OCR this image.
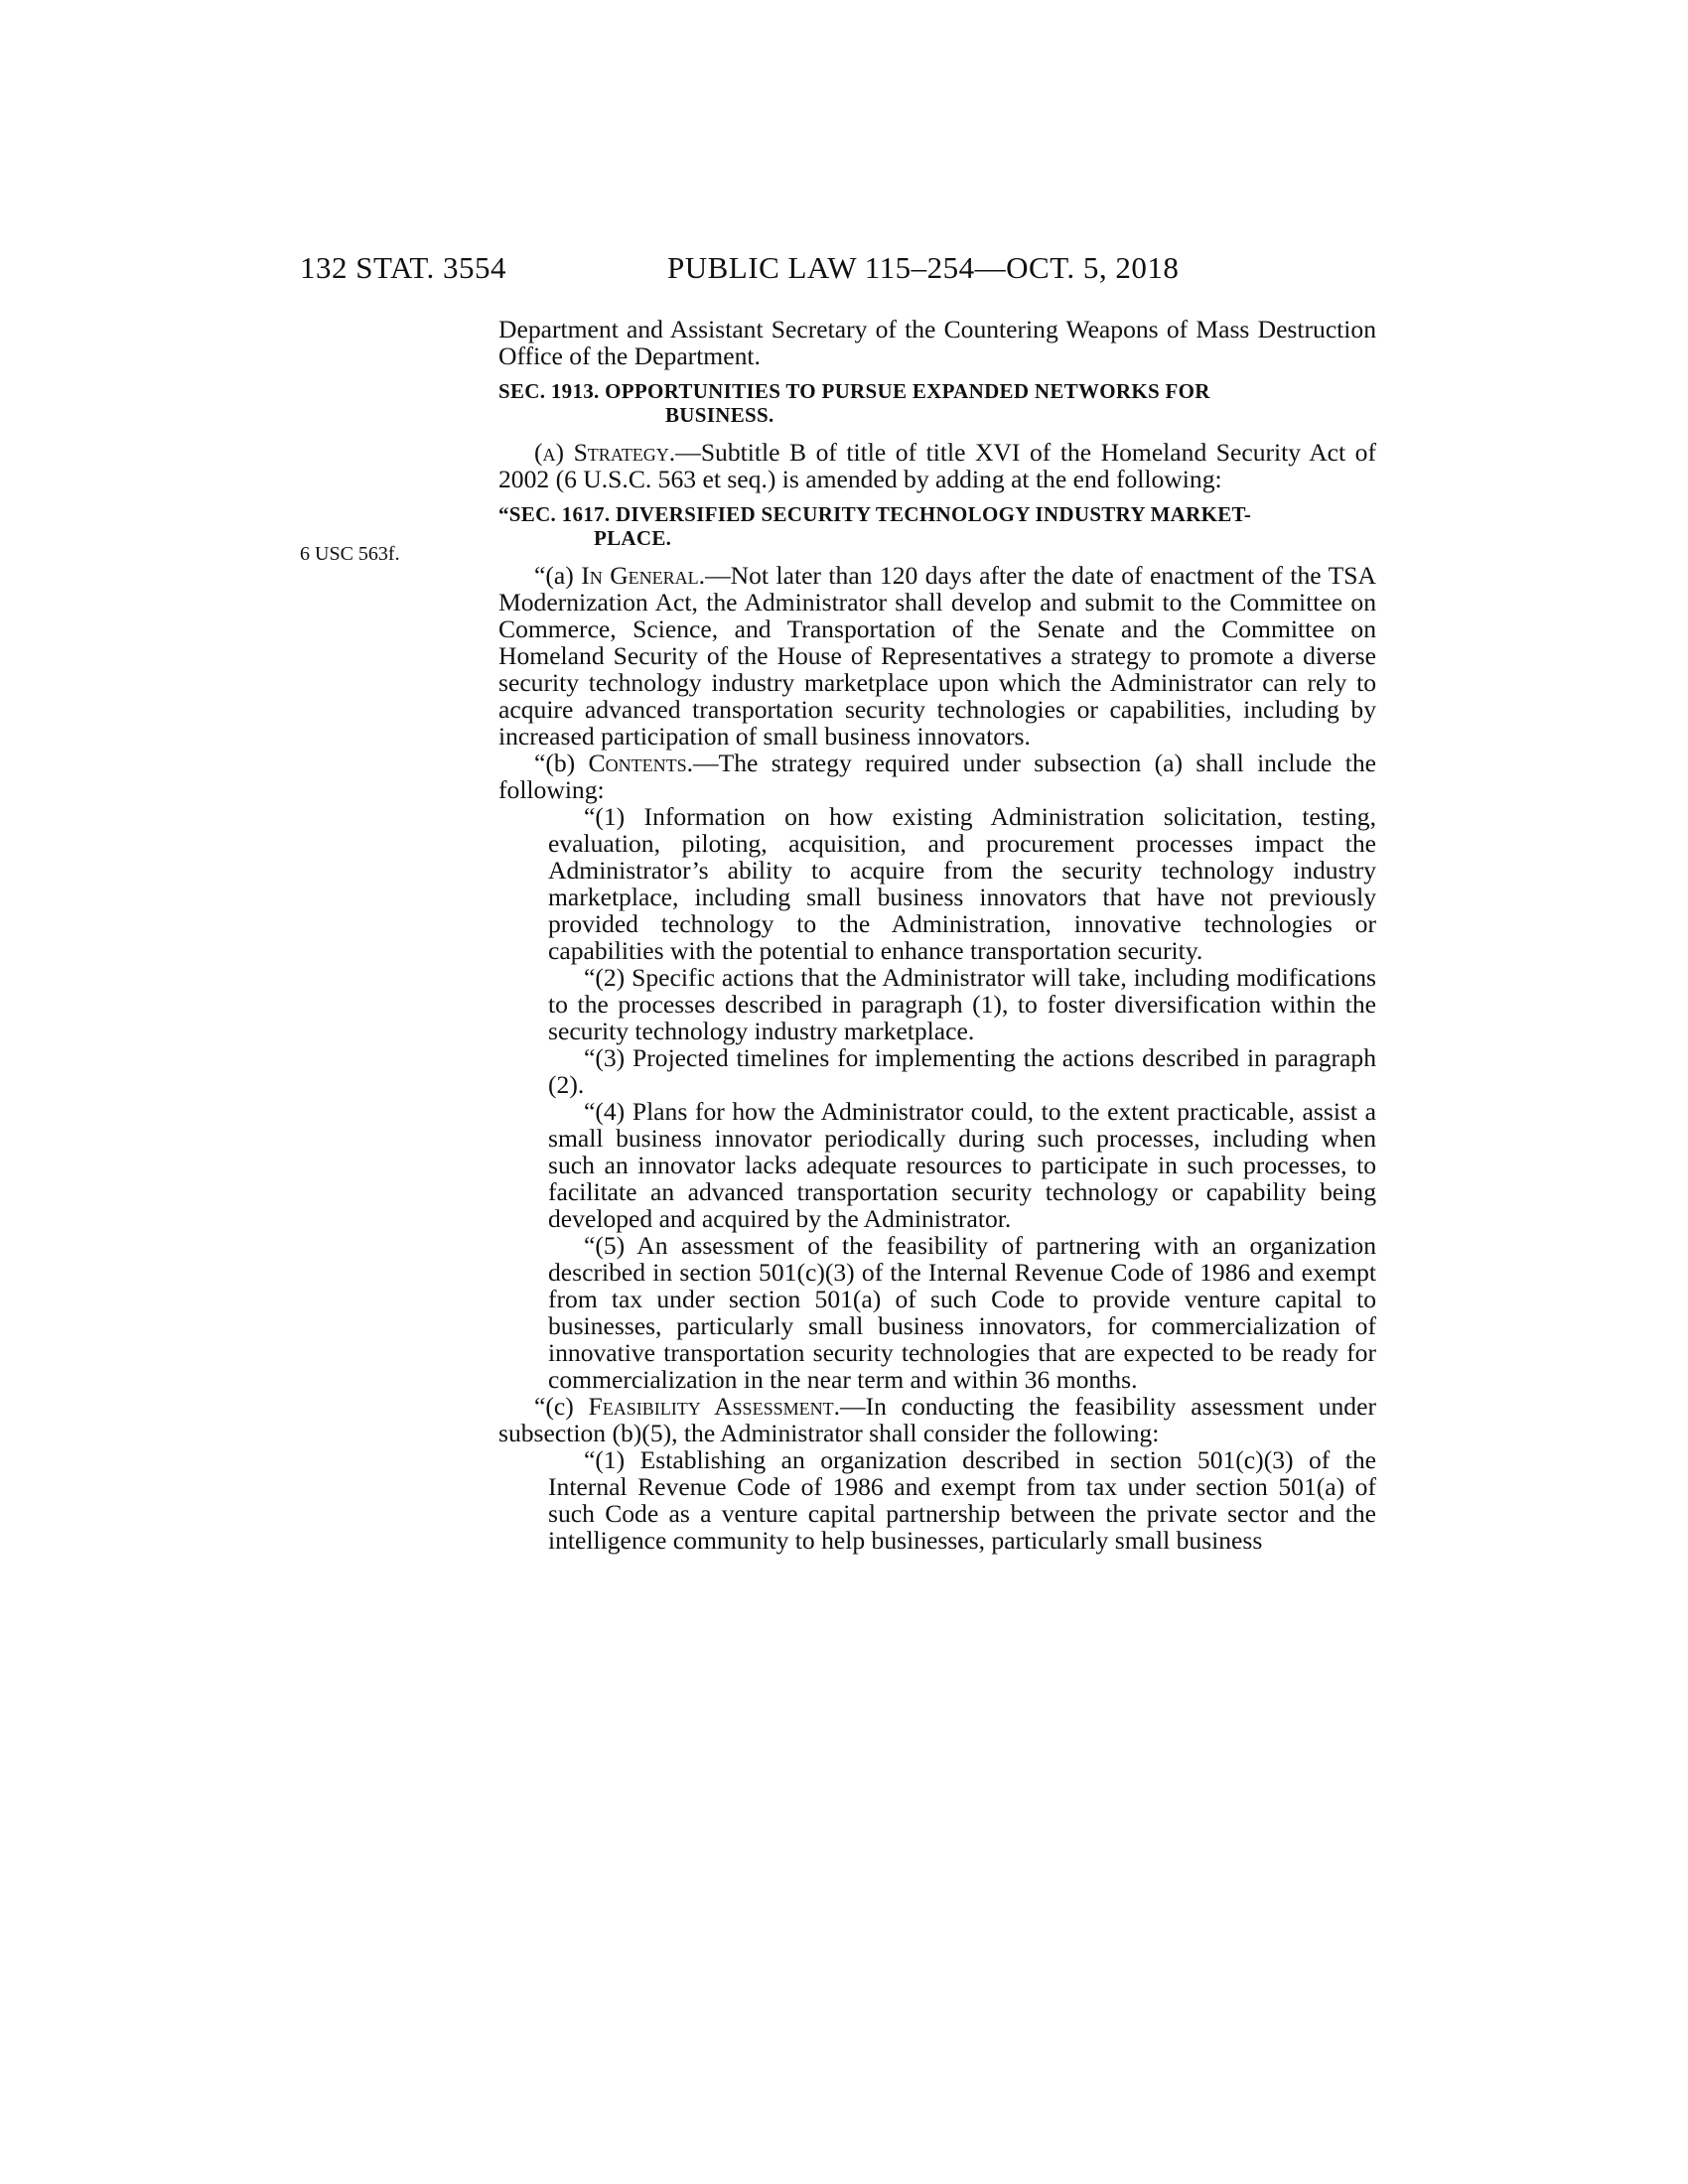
132 STAT. 3554	PUBLIC LAW 115–254—OCT. 5, 2018
6 USC 563f.

Department and Assistant Secretary of the Countering Weapons of Mass Destruction Office of the Department.

SEC. 1913. OPPORTUNITIES TO PURSUE EXPANDED NETWORKS FOR
BUSINESS.

(a) Strategy.—Subtitle B of title of title XVI of the Homeland Security Act of 2002 (6 U.S.C. 563 et seq.) is amended by adding at the end following:

“SEC. 1617. DIVERSIFIED SECURITY TECHNOLOGY INDUSTRY MARKET-
PLACE.

“(a) In General.—Not later than 120 days after the date of enactment of the TSA Modernization Act, the Administrator shall develop and submit to the Committee on Commerce, Science, and Transportation of the Senate and the Committee on Homeland Security of the House of Representatives a strategy to promote a diverse security technology industry marketplace upon which the Administrator can rely to acquire advanced transportation security technologies or capabilities, including by increased participation of small business innovators.

“(b) Contents.—The strategy required under subsection (a) shall include the following:

“(1) Information on how existing Administration solicitation, testing, evaluation, piloting, acquisition, and procurement processes impact the Administrator’s ability to acquire from the security technology industry marketplace, including small business innovators that have not previously provided technology to the Administration, innovative technologies or capabilities with the potential to enhance transportation security.

“(2) Specific actions that the Administrator will take, including modifications to the processes described in paragraph (1), to foster diversification within the security technology industry marketplace.

“(3) Projected timelines for implementing the actions described in paragraph (2).

“(4) Plans for how the Administrator could, to the extent practicable, assist a small business innovator periodically during such processes, including when such an innovator lacks adequate resources to participate in such processes, to facilitate an advanced transportation security technology or capability being developed and acquired by the Administrator.

“(5) An assessment of the feasibility of partnering with an organization described in section 501(c)(3) of the Internal Revenue Code of 1986 and exempt from tax under section 501(a) of such Code to provide venture capital to businesses, particularly small business innovators, for commercialization of innovative transportation security technologies that are expected to be ready for commercialization in the near term and within 36 months.

“(c) Feasibility Assessment.—In conducting the feasibility assessment under subsection (b)(5), the Administrator shall consider the following:

“(1) Establishing an organization described in section 501(c)(3) of the Internal Revenue Code of 1986 and exempt from tax under section 501(a) of such Code as a venture capital partnership between the private sector and the intelligence community to help businesses, particularly small business
